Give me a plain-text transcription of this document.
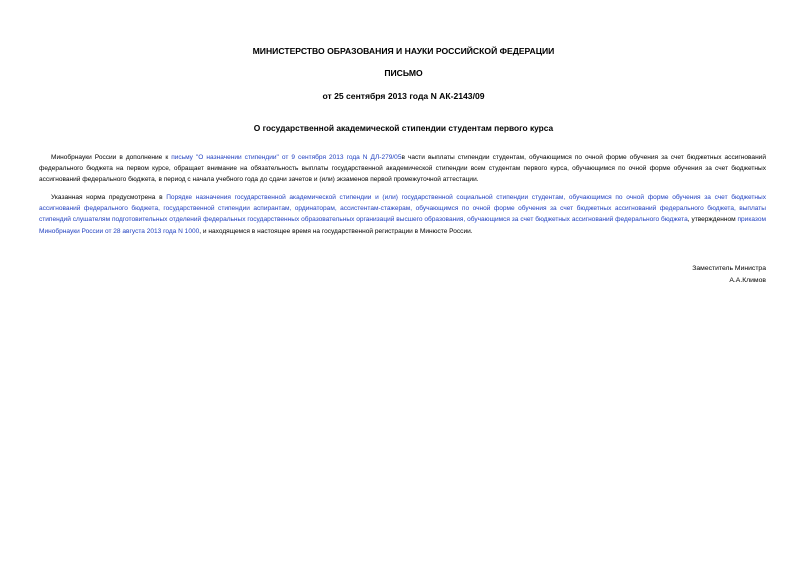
МИНИСТЕРСТВО ОБРАЗОВАНИЯ И НАУКИ РОССИЙСКОЙ ФЕДЕРАЦИИ

ПИСЬМО

от 25 сентября 2013 года N АК-2143/09

О государственной академической стипендии студентам первого курса

Минобрнауки России в дополнение к письму "О назначении стипендии" от 9 сентября 2013 года N ДЛ-279/05в части выплаты стипендии студентам, обучающимся по очной форме обучения за счет бюджетных ассигнований федерального бюджета на первом курсе, обращает внимание на обязательность выплаты государственной академической стипендии всем студентам первого курса, обучающимся по очной форме обучения за счет бюджетных ассигнований федерального бюджета, в период с начала учебного года до сдачи зачетов и (или) экзаменов первой промежуточной аттестации.

Указанная норма предусмотрена в Порядке назначения государственной академической стипендии и (или) государственной социальной стипендии студентам, обучающимся по очной форме обучения за счет бюджетных ассигнований федерального бюджета, государственной стипендии аспирантам, ординаторам, ассистентам-стажерам, обучающимся по очной форме обучения за счет бюджетных ассигнований федерального бюджета, выплаты стипендий слушателям подготовительных отделений федеральных государственных образовательных организаций высшего образования, обучающимся за счет бюджетных ассигнований федерального бюджета, утвержденном приказом Минобрнауки России от 28 августа 2013 года N 1000, и находящемся в настоящее время на государственной регистрации в Минюсте России.

Заместитель Министра

А.А.Климов
